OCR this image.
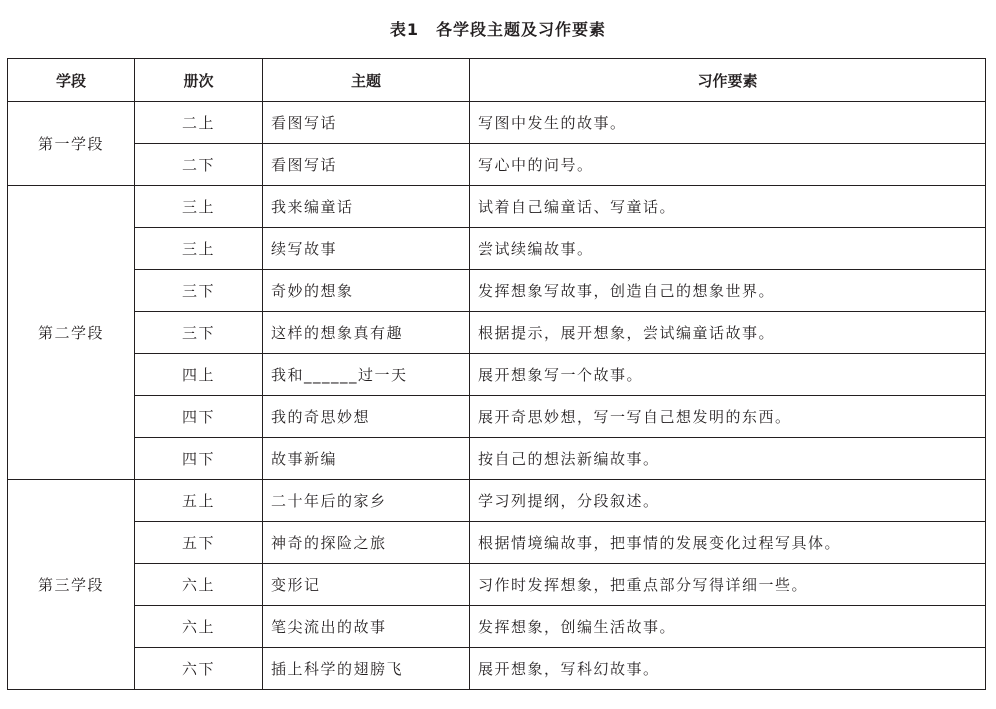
表1　各学段主题及习作要素
学段	册次	主题	习作要素
第一学段	二上	看图写话	写图中发生的故事。
	二下	看图写话	写心中的问号。
第二学段	三上	我来编童话	试着自己编童话、写童话。
	三上	续写故事	尝试续编故事。
	三下	奇妙的想象	发挥想象写故事，创造自己的想象世界。
	三下	这样的想象真有趣	根据提示，展开想象，尝试编童话故事。
	四上	我和______过一天	展开想象写一个故事。
	四下	我的奇思妙想	展开奇思妙想，写一写自己想发明的东西。
	四下	故事新编	按自己的想法新编故事。
第三学段	五上	二十年后的家乡	学习列提纲，分段叙述。
	五下	神奇的探险之旅	根据情境编故事，把事情的发展变化过程写具体。
	六上	变形记	习作时发挥想象，把重点部分写得详细一些。
	六上	笔尖流出的故事	发挥想象，创编生活故事。
	六下	插上科学的翅膀飞	展开想象，写科幻故事。
